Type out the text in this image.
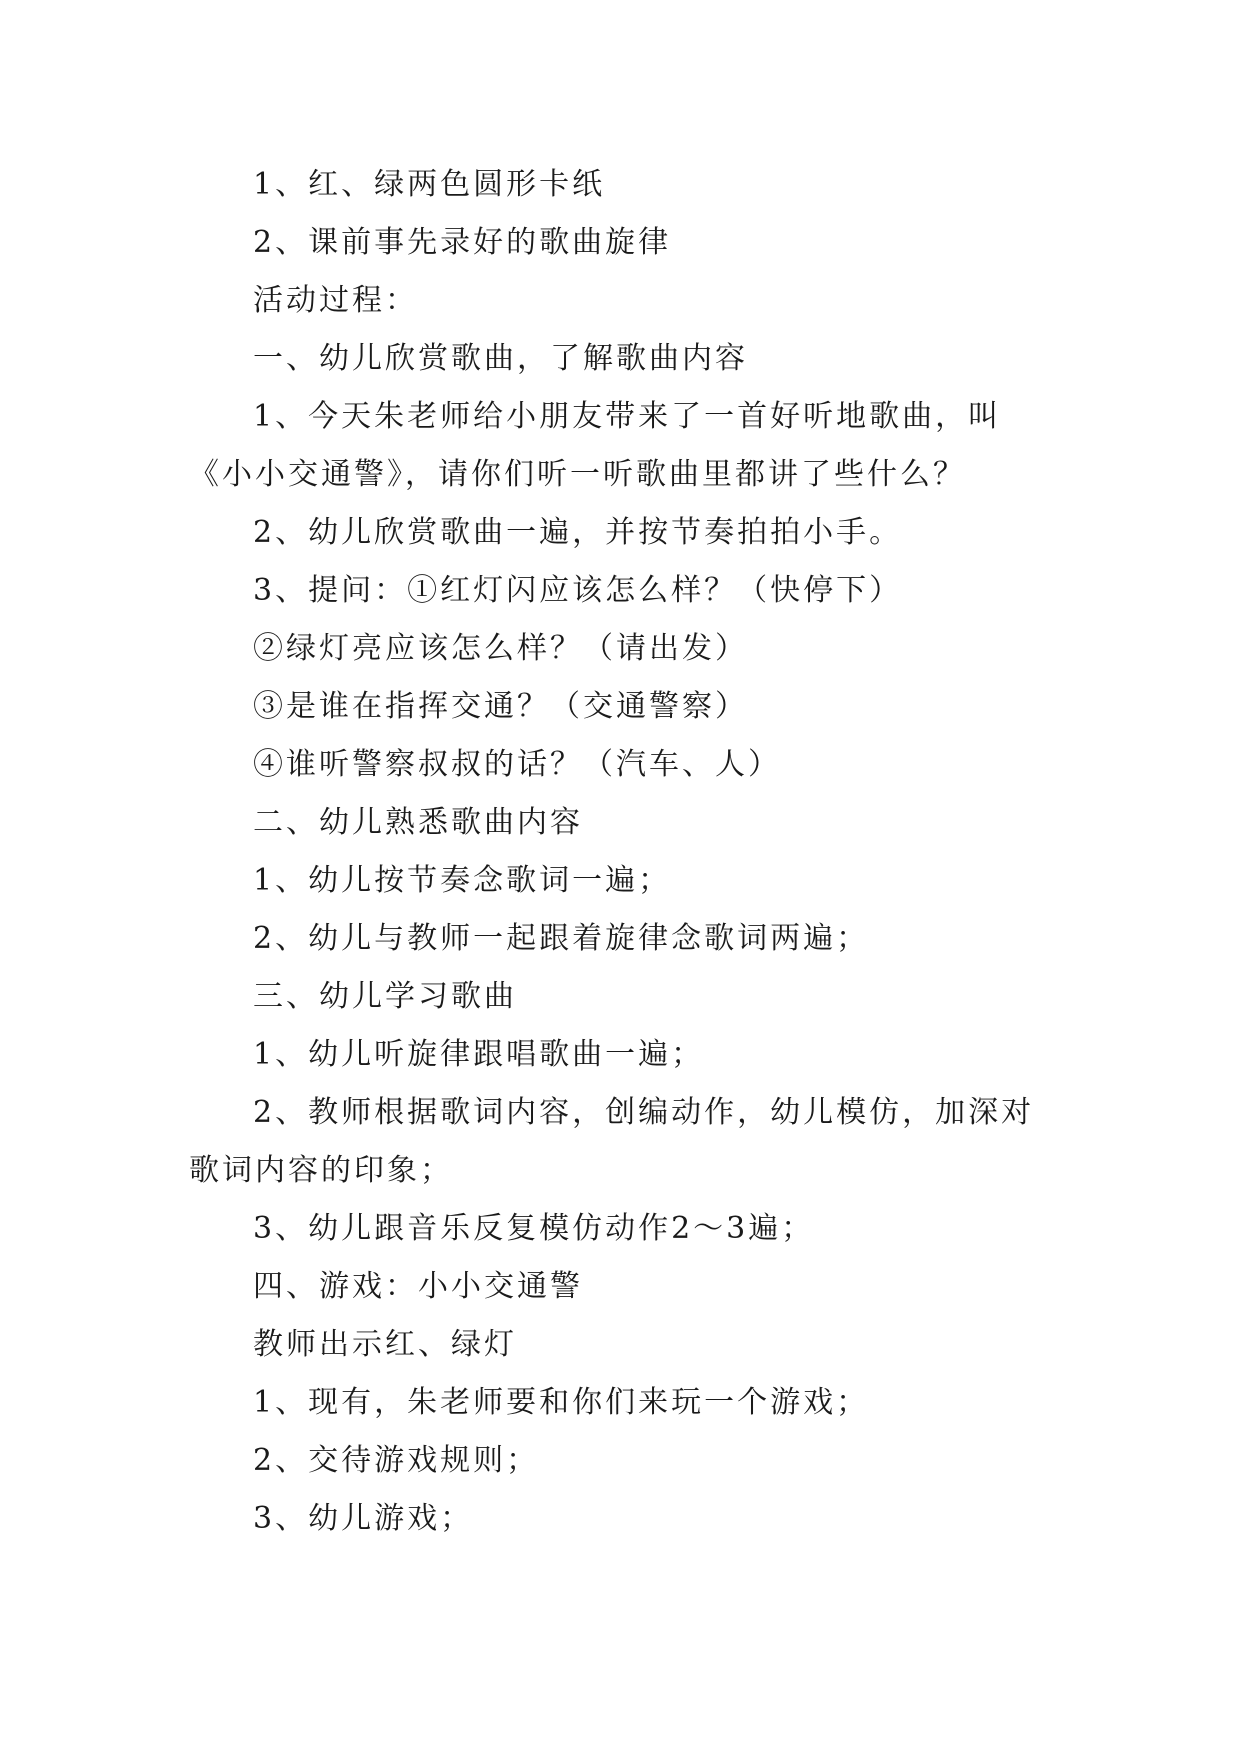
1、红、绿两色圆形卡纸

2、课前事先录好的歌曲旋律

活动过程：

一、幼儿欣赏歌曲，了解歌曲内容

1、今天朱老师给小朋友带来了一首好听地歌曲，叫《小小交通警》，请你们听一听歌曲里都讲了些什么？

2、幼儿欣赏歌曲一遍，并按节奏拍拍小手。

3、提问：①红灯闪应该怎么样？（快停下）

②绿灯亮应该怎么样？（请出发）

③是谁在指挥交通？（交通警察）

④谁听警察叔叔的话？（汽车、人）

二、幼儿熟悉歌曲内容

1、幼儿按节奏念歌词一遍；

2、幼儿与教师一起跟着旋律念歌词两遍；

三、幼儿学习歌曲

1、幼儿听旋律跟唱歌曲一遍；

2、教师根据歌词内容，创编动作，幼儿模仿，加深对歌词内容的印象；

3、幼儿跟音乐反复模仿动作2～3遍；

四、游戏：小小交通警

教师出示红、绿灯

1、现有，朱老师要和你们来玩一个游戏；

2、交待游戏规则；

3、幼儿游戏；
